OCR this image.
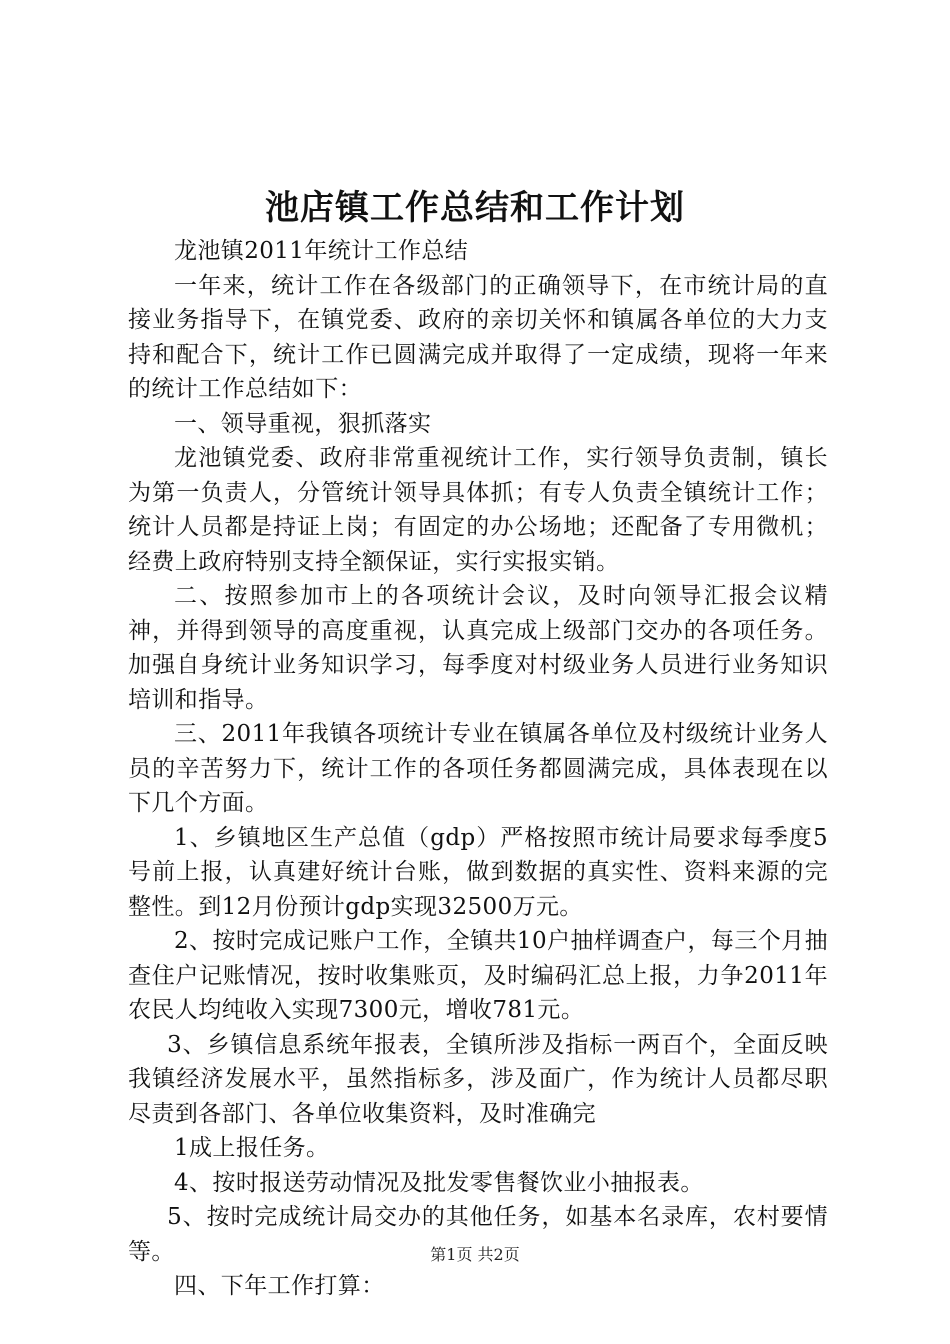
池店镇工作总结和工作计划

龙池镇2011年统计工作总结

一年来，统计工作在各级部门的正确领导下，在市统计局的直接业务指导下，在镇党委、政府的亲切关怀和镇属各单位的大力支持和配合下，统计工作已圆满完成并取得了一定成绩，现将一年来的统计工作总结如下：

一、领导重视，狠抓落实

龙池镇党委、政府非常重视统计工作，实行领导负责制，镇长为第一负责人，分管统计领导具体抓；有专人负责全镇统计工作；统计人员都是持证上岗；有固定的办公场地；还配备了专用微机；经费上政府特别支持全额保证，实行实报实销。

二、按照参加市上的各项统计会议，及时向领导汇报会议精神，并得到领导的高度重视，认真完成上级部门交办的各项任务。加强自身统计业务知识学习，每季度对村级业务人员进行业务知识培训和指导。

三、2011年我镇各项统计专业在镇属各单位及村级统计业务人员的辛苦努力下，统计工作的各项任务都圆满完成，具体表现在以下几个方面。

1、乡镇地区生产总值（gdp）严格按照市统计局要求每季度5号前上报，认真建好统计台账，做到数据的真实性、资料来源的完整性。到12月份预计gdp实现32500万元。

2、按时完成记账户工作，全镇共10户抽样调查户，每三个月抽查住户记账情况，按时收集账页，及时编码汇总上报，力争2011年农民人均纯收入实现7300元，增收781元。

3、乡镇信息系统年报表，全镇所涉及指标一两百个，全面反映我镇经济发展水平，虽然指标多，涉及面广，作为统计人员都尽职尽责到各部门、各单位收集资料，及时准确完

1成上报任务。

4、按时报送劳动情况及批发零售餐饮业小抽报表。

5、按时完成统计局交办的其他任务，如基本名录库，农村要情等。

四、下年工作打算：

第1页 共2页
